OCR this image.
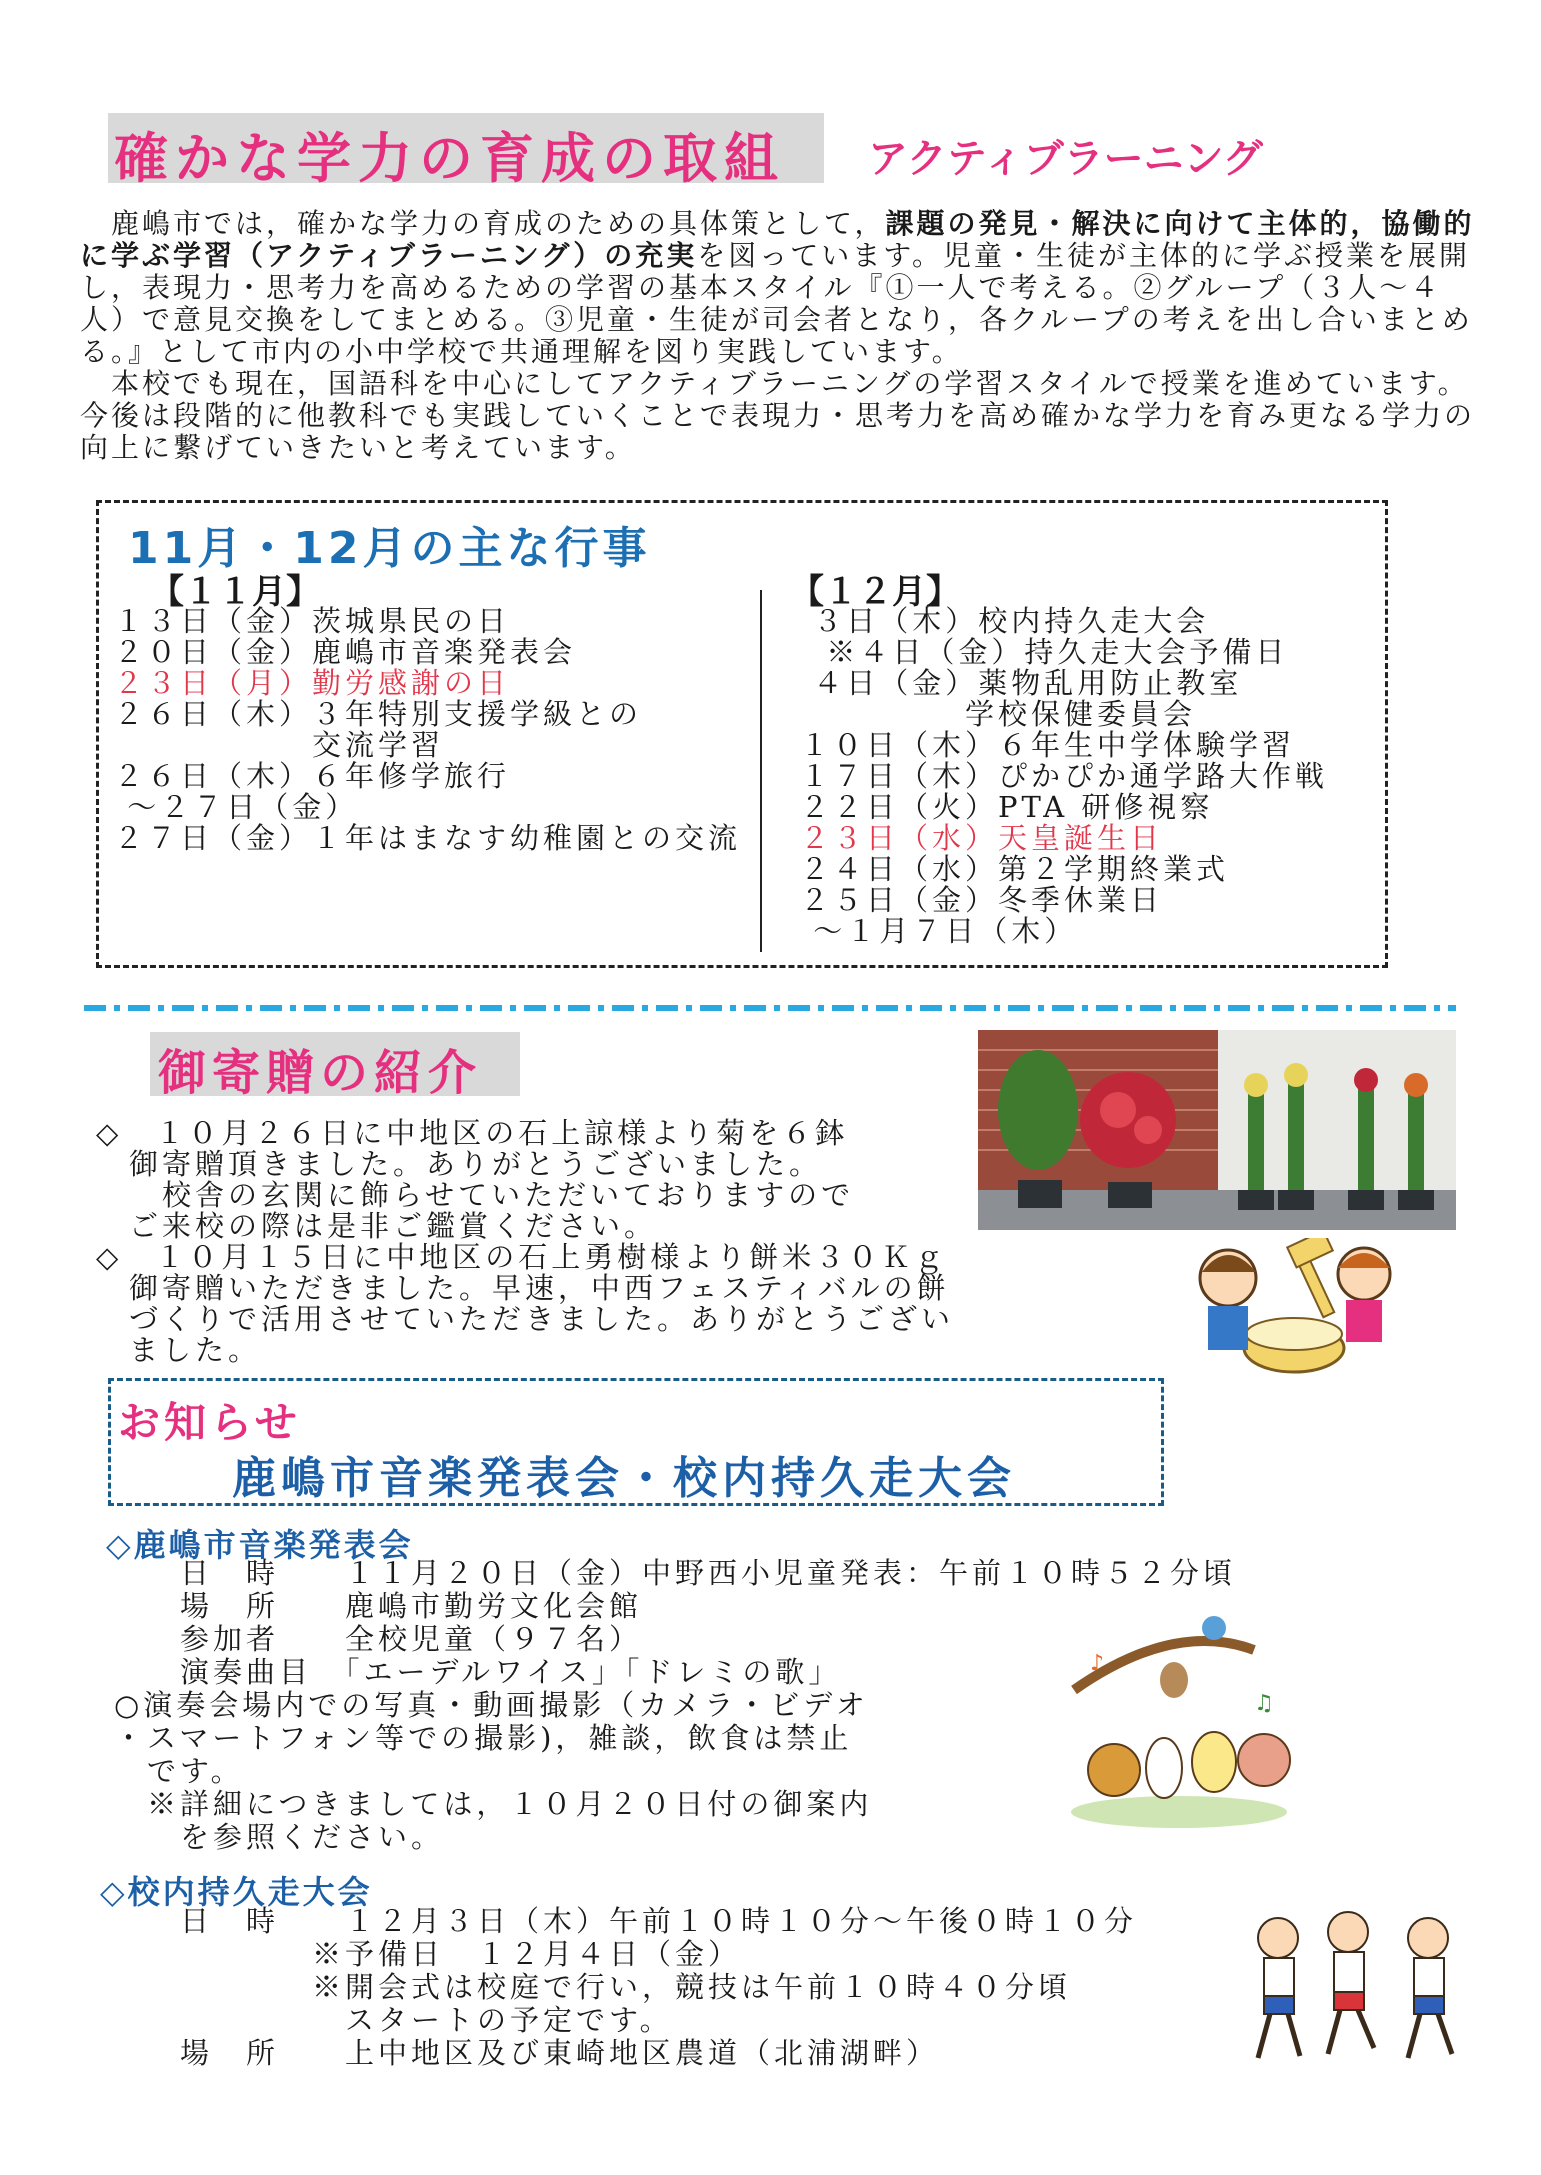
確かな学力の育成の取組 アクティブラーニング

　鹿嶋市では，確かな学力の育成のための具体策として，課題の発見・解決に向けて主体的，協働的に学ぶ学習（アクティブラーニング）の充実を図っています。児童・生徒が主体的に学ぶ授業を展開し，表現力・思考力を高めるための学習の基本スタイル『①一人で考える。②グループ（３人～４人）で意見交換をしてまとめる。③児童・生徒が司会者となり，各クループの考えを出し合いまとめる。』として市内の小中学校で共通理解を図り実践しています。

　本校でも現在，国語科を中心にしてアクティブラーニングの学習スタイルで授業を進めています。今後は段階的に他教科でも実践していくことで表現力・思考力を高め確かな学力を育み更なる学力の向上に繋げていきたいと考えています。

11月・12月の主な行事
【１１月】	【１２月】
１３日（金）茨城県民の日
２０日（金）鹿嶋市音楽発表会
２３日（月）勤労感謝の日
２６日（木）３年特別支援学級との
　　　　　　交流学習
２６日（木）６年修学旅行
～２７日（金）
２７日（金）１年はまなす幼稚園との交流
３日（木）校内持久走大会
※４日（金）持久走大会予備日
４日（金）薬物乱用防止教室
　　　　　学校保健委員会
１０日（木）６年生中学体験学習
１７日（木）ぴかぴか通学路大作戦
２２日（火）PTA 研修視察
２３日（水）天皇誕生日
２４日（水）第２学期終業式
２５日（金）冬季休業日
～１月７日（木）
御寄贈の紹介
◇　１０月２６日に中地区の石上諒様より菊を６鉢
　御寄贈頂きました。ありがとうございました。
　　校舎の玄関に飾らせていただいておりますので
　ご来校の際は是非ご鑑賞ください。
◇　１０月１５日に中地区の石上勇樹様より餅米３０Ｋｇ
　御寄贈いただきました。早速，中西フェスティバルの餅
　づくりで活用させていただきました。ありがとうござい
　ました。
お知らせ
鹿嶋市音楽発表会・校内持久走大会
◇鹿嶋市音楽発表会
　　日　時　　１１月２０日（金）中野西小児童発表：午前１０時５２分頃
　　場　所　　鹿嶋市勤労文化会館
　　参加者　　全校児童（９７名）
　　演奏曲目　「エーデルワイス」「ドレミの歌」
○演奏会場内での写真・動画撮影（カメラ・ビデオ
・スマートフォン等での撮影)，雑談，飲食は禁止
　です。
　※詳細につきましては，１０月２０日付の御案内
　　を参照ください。
♪
♫
◇校内持久走大会
　　日　時　　１２月３日（木）午前１０時１０分～午後０時１０分
　　　　　　※予備日　１２月４日（金）
　　　　　　※開会式は校庭で行い，競技は午前１０時４０分頃
　　　　　　　スタートの予定です。
　　場　所　　上中地区及び東崎地区農道（北浦湖畔）
